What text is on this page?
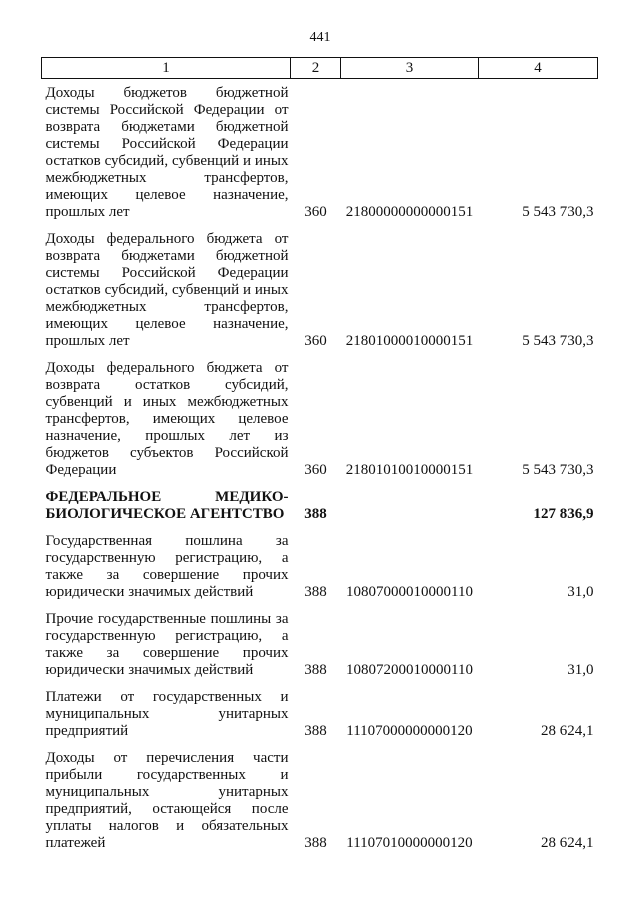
441
1	2	3	4
Доходы бюджетов бюджетной системы Российской Федерации от возврата бюджетами бюджетной системы Российской Федерации остатков субсидий, субвенций и иных межбюджетных трансфертов, имеющих целевое назначение, прошлых лет	360	21800000000000151	5 543 730,3
Доходы федерального бюджета от возврата бюджетами бюджетной системы Российской Федерации остатков субсидий, субвенций и иных межбюджетных трансфертов, имеющих целевое назначение, прошлых лет	360	21801000010000151	5 543 730,3
Доходы федерального бюджета от возврата остатков субсидий, субвенций и иных межбюджетных трансфертов, имеющих целевое назначение, прошлых лет из бюджетов субъектов Российской Федерации	360	21801010010000151	5 543 730,3
ФЕДЕРАЛЬНОЕ МЕДИКО-БИОЛОГИЧЕСКОЕ АГЕНТСТВО	388		127 836,9
Государственная пошлина за государственную регистрацию, а также за совершение прочих юридически значимых действий	388	10807000010000110	31,0
Прочие государственные пошлины за государственную регистрацию, а также за совершение прочих юридически значимых действий	388	10807200010000110	31,0
Платежи от государственных и муниципальных унитарных предприятий	388	11107000000000120	28 624,1
Доходы от перечисления части прибыли государственных и муниципальных унитарных предприятий, остающейся после уплаты налогов и обязательных платежей	388	11107010000000120	28 624,1
